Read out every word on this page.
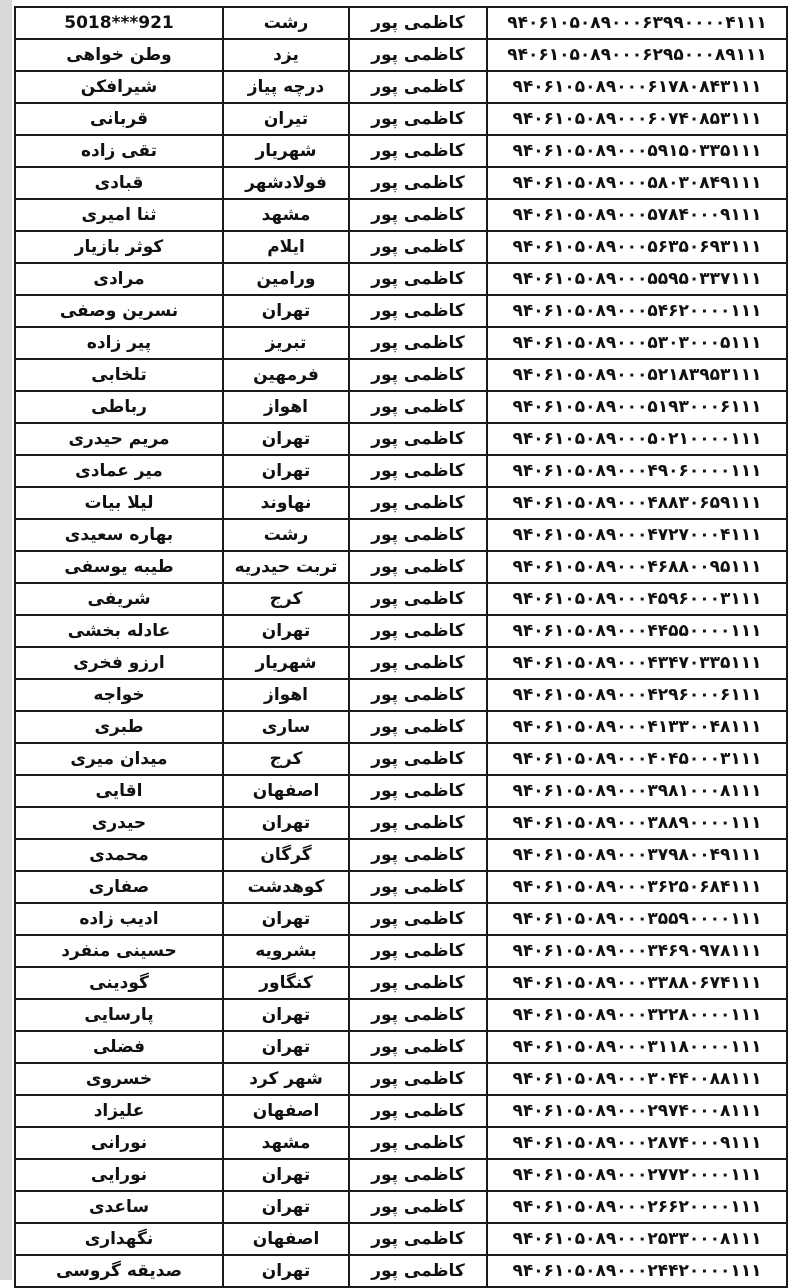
۹۴۰۶۱۰۵۰۸۹۰۰۰۶۳۹۹۰۰۰۰۴۱۱۱	کاظمی پور	رشت	921***5018
۹۴۰۶۱۰۵۰۸۹۰۰۰۶۲۹۵۰۰۰۸۹۱۱۱	کاظمی پور	یزد	وطن خواهی
۹۴۰۶۱۰۵۰۸۹۰۰۰۶۱۷۸۰۸۴۳۱۱۱	کاظمی پور	درچه پیاز	شیرافکن
۹۴۰۶۱۰۵۰۸۹۰۰۰۶۰۷۴۰۸۵۳۱۱۱	کاظمی پور	تیران	قربانی
۹۴۰۶۱۰۵۰۸۹۰۰۰۵۹۱۵۰۳۳۵۱۱۱	کاظمی پور	شهریار	تقی زاده
۹۴۰۶۱۰۵۰۸۹۰۰۰۵۸۰۳۰۸۴۹۱۱۱	کاظمی پور	فولادشهر	قبادی
۹۴۰۶۱۰۵۰۸۹۰۰۰۵۷۸۴۰۰۰۹۱۱۱	کاظمی پور	مشهد	ثنا امیری
۹۴۰۶۱۰۵۰۸۹۰۰۰۵۶۳۵۰۶۹۳۱۱۱	کاظمی پور	ایلام	کوثر بازیار
۹۴۰۶۱۰۵۰۸۹۰۰۰۵۵۹۵۰۳۳۷۱۱۱	کاظمی پور	ورامین	مرادی
۹۴۰۶۱۰۵۰۸۹۰۰۰۵۴۶۲۰۰۰۰۱۱۱	کاظمی پور	تهران	نسرین وصفی
۹۴۰۶۱۰۵۰۸۹۰۰۰۵۳۰۳۰۰۰۵۱۱۱	کاظمی پور	تبریز	پیر زاده
۹۴۰۶۱۰۵۰۸۹۰۰۰۵۲۱۸۳۹۵۳۱۱۱	کاظمی پور	فرمهین	تلخابی
۹۴۰۶۱۰۵۰۸۹۰۰۰۵۱۹۳۰۰۰۶۱۱۱	کاظمی پور	اهواز	رباطی
۹۴۰۶۱۰۵۰۸۹۰۰۰۵۰۲۱۰۰۰۰۱۱۱	کاظمی پور	تهران	مریم حیدری
۹۴۰۶۱۰۵۰۸۹۰۰۰۴۹۰۶۰۰۰۰۱۱۱	کاظمی پور	تهران	میر عمادی
۹۴۰۶۱۰۵۰۸۹۰۰۰۴۸۸۳۰۶۵۹۱۱۱	کاظمی پور	نهاوند	لیلا بیات
۹۴۰۶۱۰۵۰۸۹۰۰۰۴۷۲۷۰۰۰۴۱۱۱	کاظمی پور	رشت	بهاره سعیدی
۹۴۰۶۱۰۵۰۸۹۰۰۰۴۶۸۸۰۰۹۵۱۱۱	کاظمی پور	تربت حیدریه	طیبه یوسفی
۹۴۰۶۱۰۵۰۸۹۰۰۰۴۵۹۶۰۰۰۳۱۱۱	کاظمی پور	کرج	شریفی
۹۴۰۶۱۰۵۰۸۹۰۰۰۴۴۵۵۰۰۰۰۱۱۱	کاظمی پور	تهران	عادله بخشی
۹۴۰۶۱۰۵۰۸۹۰۰۰۴۳۴۷۰۳۳۵۱۱۱	کاظمی پور	شهریار	ارزو فخری
۹۴۰۶۱۰۵۰۸۹۰۰۰۴۲۹۶۰۰۰۶۱۱۱	کاظمی پور	اهواز	خواجه
۹۴۰۶۱۰۵۰۸۹۰۰۰۴۱۳۳۰۰۴۸۱۱۱	کاظمی پور	ساری	طبری
۹۴۰۶۱۰۵۰۸۹۰۰۰۴۰۴۵۰۰۰۳۱۱۱	کاظمی پور	کرج	میدان میری
۹۴۰۶۱۰۵۰۸۹۰۰۰۳۹۸۱۰۰۰۸۱۱۱	کاظمی پور	اصفهان	اقایی
۹۴۰۶۱۰۵۰۸۹۰۰۰۳۸۸۹۰۰۰۰۱۱۱	کاظمی پور	تهران	حیدری
۹۴۰۶۱۰۵۰۸۹۰۰۰۳۷۹۸۰۰۴۹۱۱۱	کاظمی پور	گرگان	محمدی
۹۴۰۶۱۰۵۰۸۹۰۰۰۳۶۲۵۰۶۸۴۱۱۱	کاظمی پور	کوهدشت	صفاری
۹۴۰۶۱۰۵۰۸۹۰۰۰۳۵۵۹۰۰۰۰۱۱۱	کاظمی پور	تهران	ادیب زاده
۹۴۰۶۱۰۵۰۸۹۰۰۰۳۴۶۹۰۹۷۸۱۱۱	کاظمی پور	بشرویه	حسینی منفرد
۹۴۰۶۱۰۵۰۸۹۰۰۰۳۳۸۸۰۶۷۴۱۱۱	کاظمی پور	کنگاور	گودینی
۹۴۰۶۱۰۵۰۸۹۰۰۰۳۲۲۸۰۰۰۰۱۱۱	کاظمی پور	تهران	پارسایی
۹۴۰۶۱۰۵۰۸۹۰۰۰۳۱۱۸۰۰۰۰۱۱۱	کاظمی پور	تهران	فضلی
۹۴۰۶۱۰۵۰۸۹۰۰۰۳۰۴۴۰۰۸۸۱۱۱	کاظمی پور	شهر کرد	خسروی
۹۴۰۶۱۰۵۰۸۹۰۰۰۲۹۷۴۰۰۰۸۱۱۱	کاظمی پور	اصفهان	علیزاد
۹۴۰۶۱۰۵۰۸۹۰۰۰۲۸۷۴۰۰۰۹۱۱۱	کاظمی پور	مشهد	نورانی
۹۴۰۶۱۰۵۰۸۹۰۰۰۲۷۷۲۰۰۰۰۱۱۱	کاظمی پور	تهران	نورایی
۹۴۰۶۱۰۵۰۸۹۰۰۰۲۶۶۲۰۰۰۰۱۱۱	کاظمی پور	تهران	ساعدی
۹۴۰۶۱۰۵۰۸۹۰۰۰۲۵۳۳۰۰۰۸۱۱۱	کاظمی پور	اصفهان	نگهداری
۹۴۰۶۱۰۵۰۸۹۰۰۰۲۴۴۲۰۰۰۰۱۱۱	کاظمی پور	تهران	صدیقه گروسی
